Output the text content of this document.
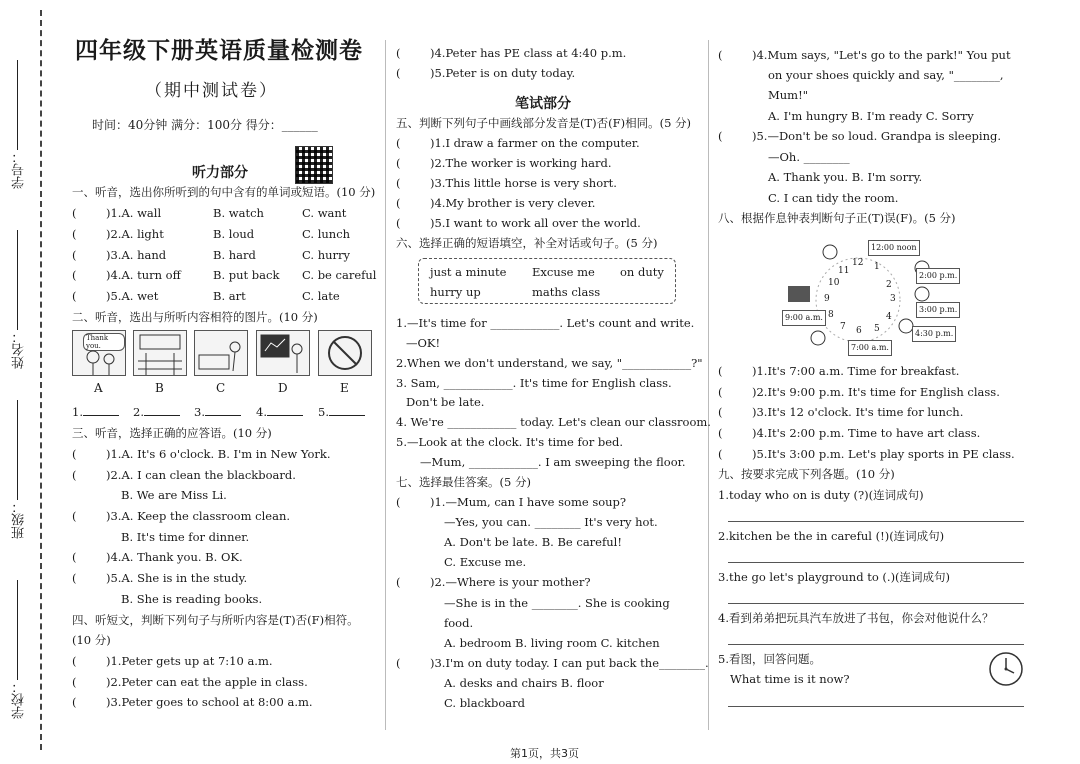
学号：
姓名：
班级：
学校：
四年级下册英语质量检测卷
（期中测试卷）
时间：40分钟 满分：100分 得分：______
听力部分
一、听音，选出你所听到的句中含有的单词或短语。(10 分)
(	)1.A. wall	B. watch	C. want
(	)2.A. light	B. loud	C. lunch
(	)3.A. hand	B. hard	C. hurry
(	)4.A. turn off	B. put back C. be careful
(	)5.A. wet	B. art	C. late
二、听音，选出与所听内容相符的图片。(10 分)
Thank you.
A	B	C	D	E
1.	2.	3.	4.	5.
三、听音，选择正确的应答语。(10 分)
(	)1.A. It's 6 o'clock. B. I'm in New York.
(	)2.A. I can clean the blackboard.
B. We are Miss Li.
(	)3.A. Keep the classroom clean.
B. It's time for dinner.
(	)4.A. Thank you. B. OK.
(	)5.A. She is in the study.
B. She is reading books.
四、听短文，判断下列句子与所听内容是(T)否(F)相符。
(10 分)
(	)1.Peter gets up at 7:10 a.m.
(	)2.Peter can eat the apple in class.
(	)3.Peter goes to school at 8:00 a.m.
(	)4.Peter has PE class at 4:40 p.m.
(	)5.Peter is on duty today.
笔试部分
五、判断下列句子中画线部分发音是(T)否(F)相同。(5 分)
(	)1.I draw a farmer on the computer.
(	)2.The worker is working hard.
(	)3.This little horse is very short.
(	)4.My brother is very clever.
(	)5.I want to work all over the world.
六、选择正确的短语填空，补全对话或句子。(5 分)
just a minute Excuse me on duty
hurry up	maths class
1.—It's time for ____________. Let's count and write.
—OK!
2.When we don't understand, we say, "____________?"
3. Sam, ____________. It's time for English class.
Don't be late.
4. We're ____________ today. Let's clean our classroom.
5.—Look at the clock. It's time for bed.
—Mum, ____________. I am sweeping the floor.
七、选择最佳答案。(5 分)
(	)1.—Mum, can I have some soup?
—Yes, you can. ________ It's very hot.
A. Don't be late. B. Be careful!
C. Excuse me.
(	)2.—Where is your mother?
—She is in the ________. She is cooking
food.
A. bedroom B. living room C. kitchen
(	)3.I'm on duty today. I can put back the________.
A. desks and chairs B. floor
C. blackboard
(	)4.Mum says, "Let's go to the park!" You put
on your shoes quickly and say, "________,
Mum!"
A. I'm hungry B. I'm ready C. Sorry
(	)5.—Don't be so loud. Grandpa is sleeping.
—Oh. ________
A. Thank you. B. I'm sorry.
C. I can tidy the room.
八、根据作息钟表判断句子正(T)误(F)。(5 分)
12 1
2
3
4
5
6
7
8
9
10
11
12:00 noon
2:00 p.m.
3:00 p.m.
4:30 p.m.
7:00 a.m.
9:00 a.m.
(	)1.It's 7:00 a.m. Time for breakfast.
(	)2.It's 9:00 p.m. It's time for English class.
(	)3.It's 12 o'clock. It's time for lunch.
(	)4.It's 2:00 p.m. Time to have art class.
(	)5.It's 3:00 p.m. Let's play sports in PE class.
九、按要求完成下列各题。(10 分)
1.today who on is duty (?)(连词成句)
2.kitchen be the in careful (!)(连词成句)
3.the go let's playground to (.)(连词成句)
4.看到弟弟把玩具汽车放进了书包，你会对他说什么？
5.看图，回答问题。
What time is it now?
第1页，共3页
